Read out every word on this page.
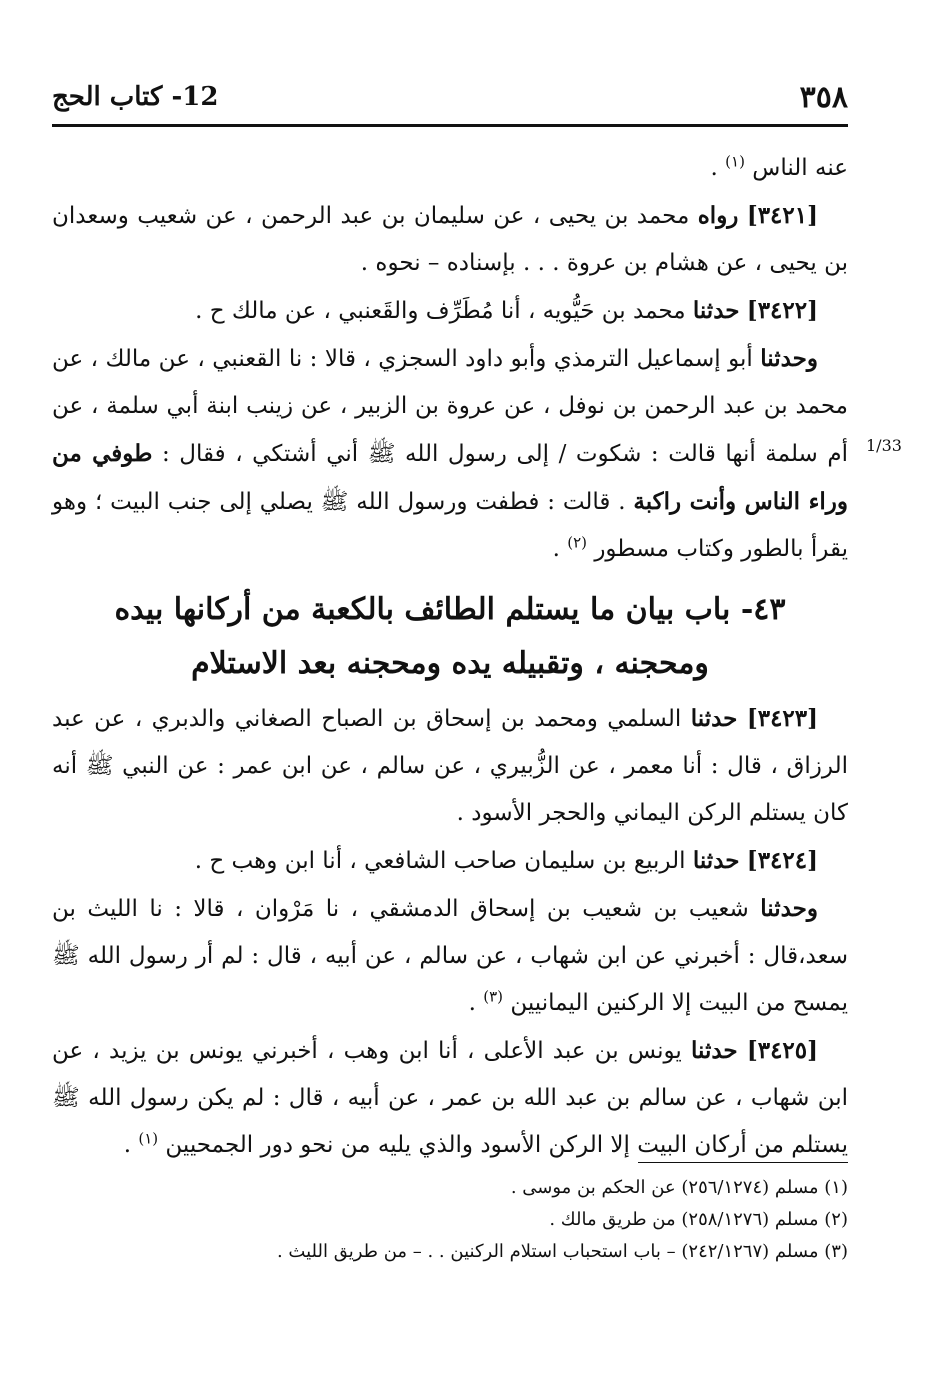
٣٥٨
12- كتاب الحج
1/33

عنه الناس $^{(١)}$ .

[٣٤٢١] رواه محمد بن يحيى ، عن سليمان بن عبد الرحمن ، عن شعيب وسعدان بن يحيى ، عن هشام بن عروة . . . بإسناده – نحوه .

[٣٤٢٢] حدثنا محمد بن حَيُّويه ، أنا مُطَرِّف والقَعنبي ، عن مالك ح .

وحدثنا أبو إسماعيل الترمذي وأبو داود السجزي ، قالا : نا القعنبي ، عن مالك ، عن محمد بن عبد الرحمن بن نوفل ، عن عروة بن الزبير ، عن زينب ابنة أبي سلمة ، عن أم سلمة أنها قالت : شكوت / إلى رسول الله ﷺ أني أشتكي ، فقال : طوفي من وراء الناس وأنت راكبة . قالت : فطفت ورسول الله ﷺ يصلي إلى جنب البيت ؛ وهو يقرأ بالطور وكتاب مسطور $^{(٢)}$ .

٤٣- باب بيان ما يستلم الطائف بالكعبة من أركانها بيده
ومحجنه ، وتقبيله يده ومحجنه بعد الاستلام

[٣٤٢٣] حدثنا السلمي ومحمد بن إسحاق بن الصباح الصغاني والدبري ، عن عبد الرزاق ، قال : أنا معمر ، عن الزُّبيري ، عن سالم ، عن ابن عمر : عن النبي ﷺ أنه كان يستلم الركن اليماني والحجر الأسود .

[٣٤٢٤] حدثنا الربيع بن سليمان صاحب الشافعي ، أنا ابن وهب ح .

وحدثنا شعيب بن شعيب بن إسحاق الدمشقي ، نا مَرْوان ، قالا : نا الليث بن سعد،قال : أخبرني عن ابن شهاب ، عن سالم ، عن أبيه ، قال : لم أر رسول الله ﷺ يمسح من البيت إلا الركنين اليمانيين $^{(٣)}$ .

[٣٤٢٥] حدثنا يونس بن عبد الأعلى ، أنا ابن وهب ، أخبرني يونس بن يزيد ، عن ابن شهاب ، عن سالم بن عبد الله بن عمر ، عن أبيه ، قال : لم يكن رسول الله ﷺ يستلم من أركان البيت إلا الركن الأسود والذي يليه من نحو دور الجمحيين $^{(١)}$ .

(١) مسلم (٢٥٦/١٢٧٤) عن الحكم بن موسى .

(٢) مسلم (٢٥٨/١٢٧٦) من طريق مالك .

(٣) مسلم (٢٤٢/١٢٦٧) – باب استحباب استلام الركنين . . – من طريق الليث .
